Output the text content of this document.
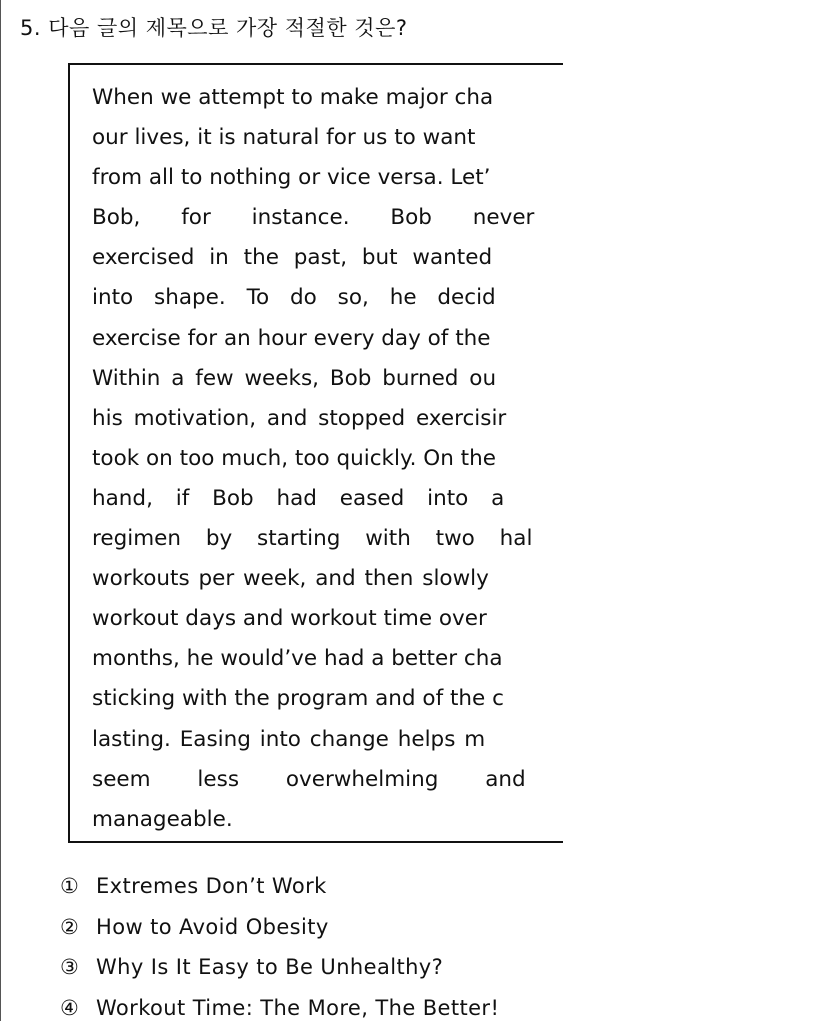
5. 다음 글의 제목으로 가장 적절한 것은?
When we attempt to make major cha
our lives, it is natural for us to want
from all to nothing or vice versa. Let’
Bob, for instance. Bob never
exercised in the past, but wanted
into shape. To do so, he decid
exercise for an hour every day of the
Within a few weeks, Bob burned ou
his motivation, and stopped exercisir
took on too much, too quickly. On the
hand, if Bob had eased into a
regimen by starting with two hal
workouts per week, and then slowly
workout days and workout time over
months, he would’ve had a better cha
sticking with the program and of the c
lasting. Easing into change helps m
seem less overwhelming and
manageable.
① Extremes Don’t Work
② How to Avoid Obesity
③ Why Is It Easy to Be Unhealthy?
④ Workout Time: The More, The Better!
